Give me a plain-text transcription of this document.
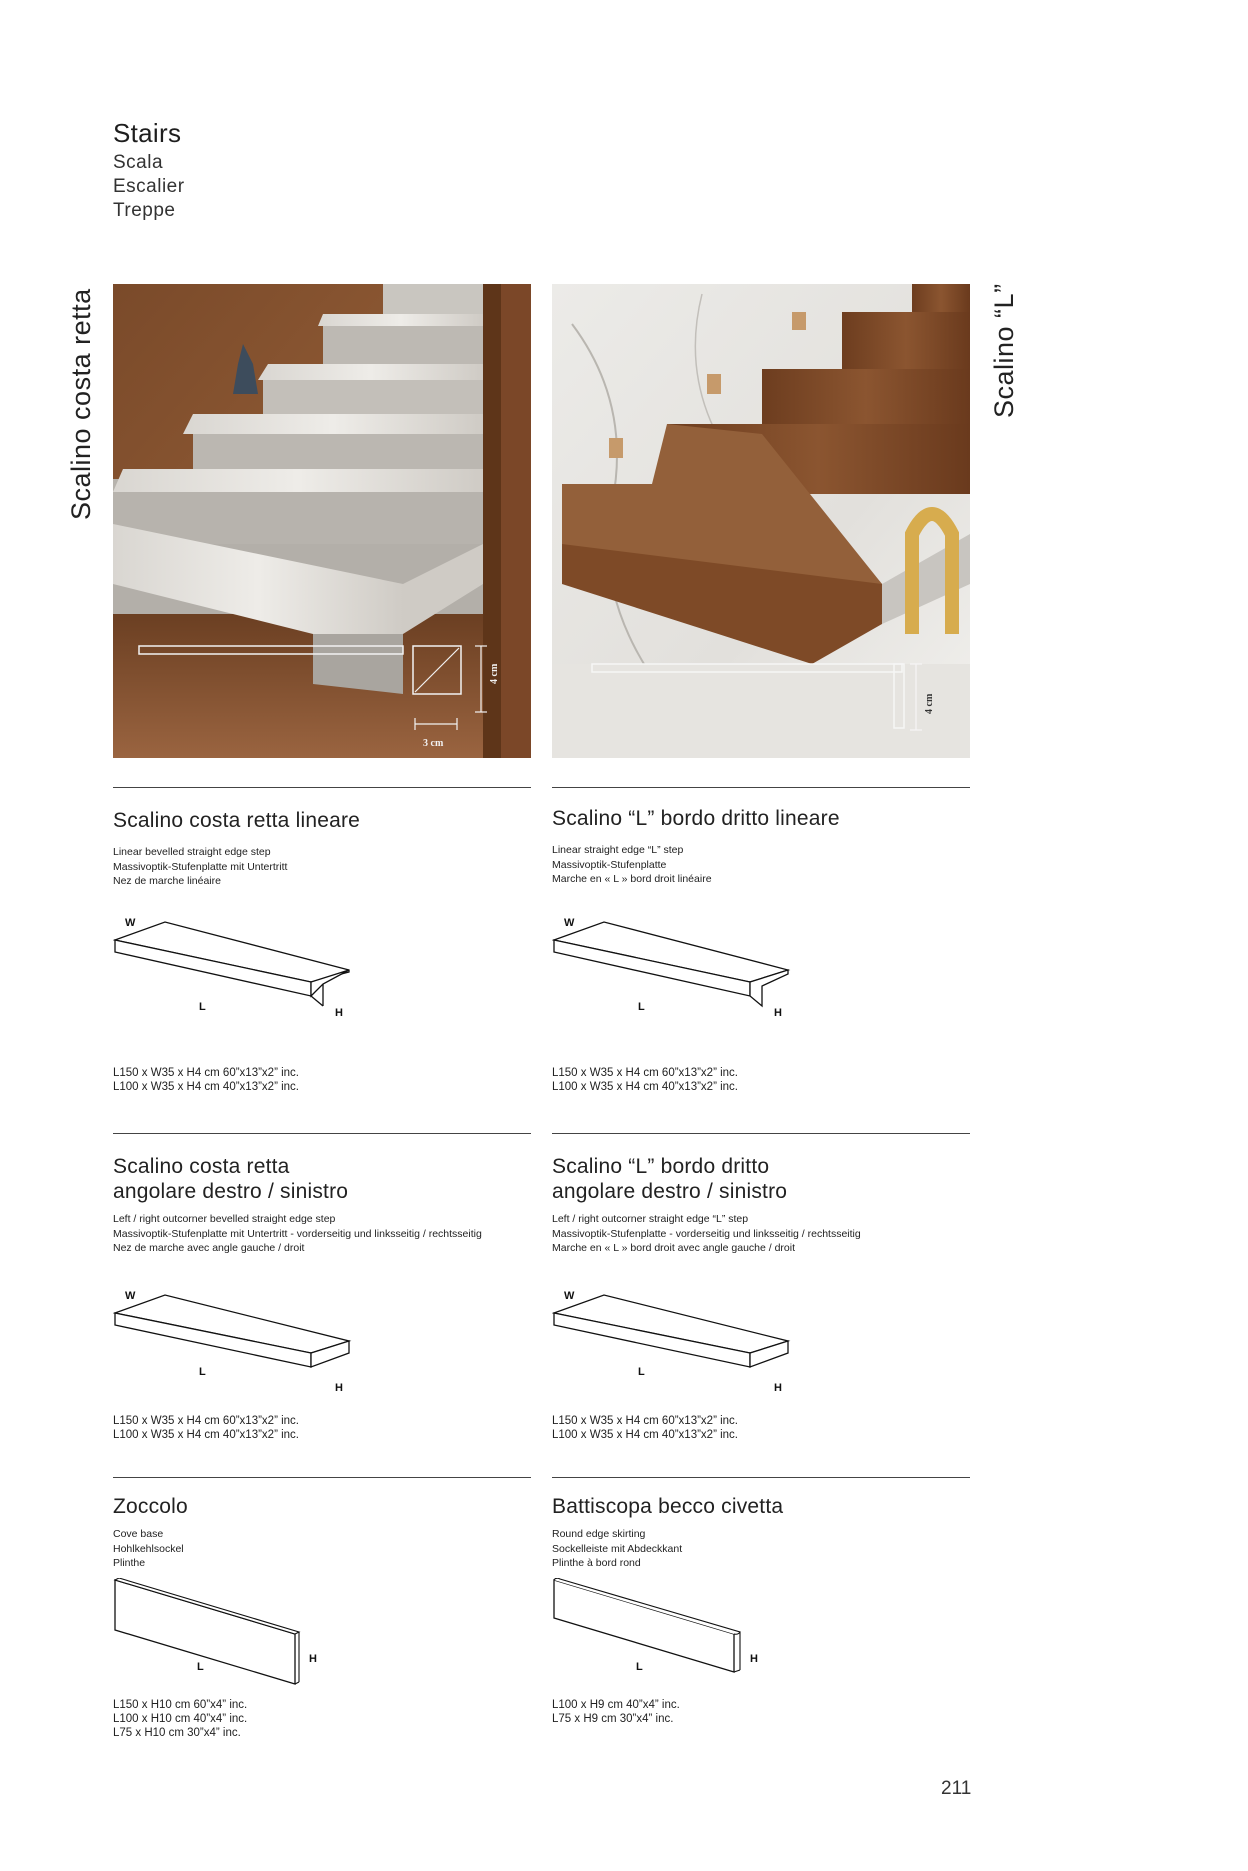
Stairs
Scala
Escalier
Treppe
Scalino costa retta	Scalino “L”
4 cm
3 cm
4 cm
Scalino costa retta lineare
Linear bevelled straight edge step
Massivoptik-Stufenplatte mit Untertritt
Nez de marche linéaire
W
L	H
L150 x W35 x H4 cm 60”x13”x2” inc.
L100 x W35 x H4 cm 40”x13”x2” inc.
Scalino “L” bordo dritto lineare
Linear straight edge “L” step
Massivoptik-Stufenplatte
Marche en « L » bord droit linéaire
W
L	H
L150 x W35 x H4 cm 60”x13”x2” inc.
L100 x W35 x H4 cm 40”x13”x2” inc.
Scalino costa retta
angolare destro / sinistro
Left / right outcorner bevelled straight edge step
Massivoptik-Stufenplatte mit Untertritt - vorderseitig und linksseitig / rechtsseitig
Nez de marche avec angle gauche / droit
W
L
H
L150 x W35 x H4 cm 60”x13”x2” inc.
L100 x W35 x H4 cm 40”x13”x2” inc.
Scalino “L” bordo dritto
angolare destro / sinistro
Left / right outcorner straight edge “L” step
Massivoptik-Stufenplatte - vorderseitig und linksseitig / rechtsseitig
Marche en « L » bord droit avec angle gauche / droit
W
L
H
L150 x W35 x H4 cm 60”x13”x2” inc.
L100 x W35 x H4 cm 40”x13”x2” inc.
Zoccolo
Cove base
Hohlkehlsockel
Plinthe
L
H
L150 x H10 cm 60”x4” inc.
L100 x H10 cm 40”x4” inc.
L75 x H10 cm 30”x4” inc.
Battiscopa becco civetta
Round edge skirting
Sockelleiste mit Abdeckkant
Plinthe à bord rond
L
H
L100 x H9 cm 40”x4” inc.
L75 x H9 cm 30”x4” inc.
211
